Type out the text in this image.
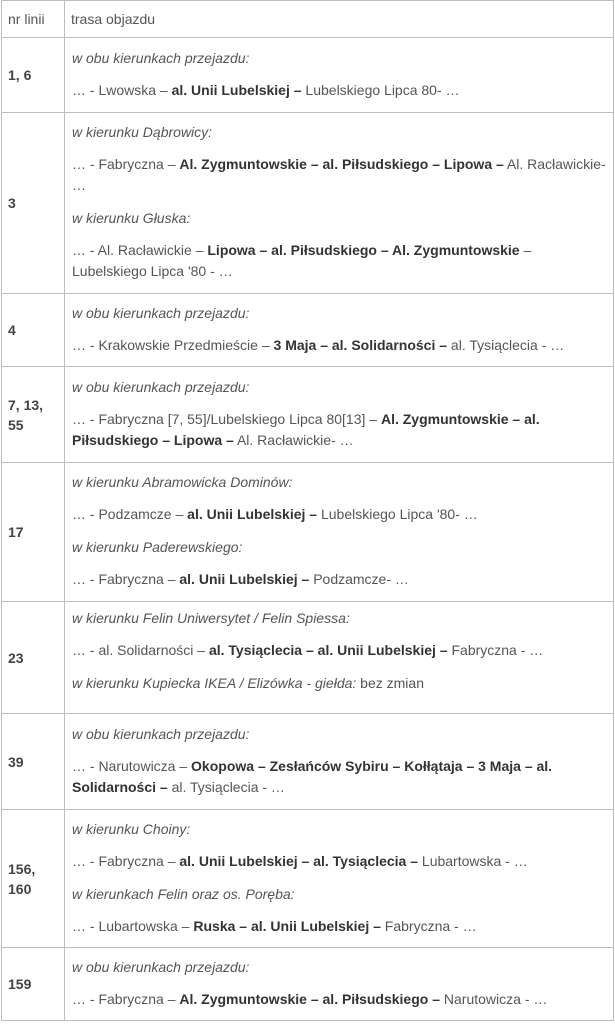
nr linii	trasa objazdu
1, 6	w obu kierunkach przejazdu:

… - Lwowska – al. Unii Lubelskiej – Lubelskiego Lipca 80- …

3	w kierunku Dąbrowicy:

… - Fabryczna – Al. Zygmuntowskie – al. Piłsudskiego – Lipowa – Al. Racławickie- …

w kierunku Głuska:

… - Al. Racławickie – Lipowa – al. Piłsudskiego – Al. Zygmuntowskie – Lubelskiego Lipca '80 - …

4	w obu kierunkach przejazdu:

… - Krakowskie Przedmieście – 3 Maja – al. Solidarności – al. Tysiąclecia - …

7, 13, 55	w obu kierunkach przejazdu:

… - Fabryczna [7, 55]/Lubelskiego Lipca 80[13] – Al. Zygmuntowskie – al. Piłsudskiego – Lipowa – Al. Racławickie- …

17	w kierunku Abramowicka Dominów:

… - Podzamcze – al. Unii Lubelskiej – Lubelskiego Lipca '80- …

w kierunku Paderewskiego:

… - Fabryczna – al. Unii Lubelskiej – Podzamcze- …

23	w kierunku Felin Uniwersytet / Felin Spiessa:

… - al. Solidarności – al. Tysiąclecia – al. Unii Lubelskiej – Fabryczna - …

w kierunku Kupiecka IKEA / Elizówka - giełda: bez zmian

39	w obu kierunkach przejazdu:

… - Narutowicza – Okopowa – Zesłańców Sybiru – Kołłątaja – 3 Maja – al. Solidarności – al. Tysiąclecia - …

156, 160	w kierunku Choiny:

… - Fabryczna – al. Unii Lubelskiej – al. Tysiąclecia – Lubartowska - …

w kierunkach Felin oraz os. Poręba:

… - Lubartowska – Ruska – al. Unii Lubelskiej – Fabryczna - …

159	w obu kierunkach przejazdu:

… - Fabryczna – Al. Zygmuntowskie – al. Piłsudskiego – Narutowicza - …
